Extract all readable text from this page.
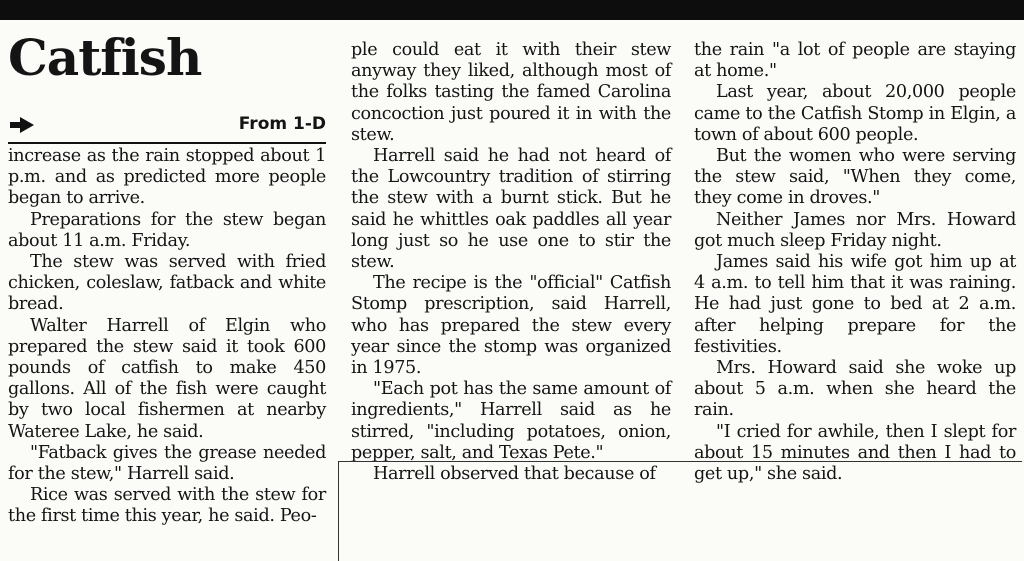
Catfish
From 1-D

increase as the rain stopped about 1 p.m. and as predicted more people began to arrive.

Preparations for the stew began about 11 a.m. Friday.

The stew was served with fried chicken, coleslaw, fatback and white bread.

Walter Harrell of Elgin who prepared the stew said it took 600 pounds of catfish to make 450 gallons. All of the fish were caught by two local fishermen at nearby Wateree Lake, he said.

"Fatback gives the grease needed for the stew," Harrell said.

Rice was served with the stew for the first time this year, he said. Peo-

ple could eat it with their stew anyway they liked, although most of the folks tasting the famed Carolina concoction just poured it in with the stew.

Harrell said he had not heard of the Lowcountry tradition of stirring the stew with a burnt stick. But he said he whittles oak paddles all year long just so he use one to stir the stew.

The recipe is the "official" Catfish Stomp prescription, said Harrell, who has prepared the stew every year since the stomp was organized in 1975.

"Each pot has the same amount of ingredients," Harrell said as he stirred, "including potatoes, onion, pepper, salt, and Texas Pete."

Harrell observed that because of

the rain "a lot of people are staying at home."

Last year, about 20,000 people came to the Catfish Stomp in Elgin, a town of about 600 people.

But the women who were serving the stew said, "When they come, they come in droves."

Neither James nor Mrs. Howard got much sleep Friday night.

James said his wife got him up at 4 a.m. to tell him that it was raining. He had just gone to bed at 2 a.m. after helping prepare for the festivities.

Mrs. Howard said she woke up about 5 a.m. when she heard the rain.

"I cried for awhile, then I slept for about 15 minutes and then I had to get up," she said.
